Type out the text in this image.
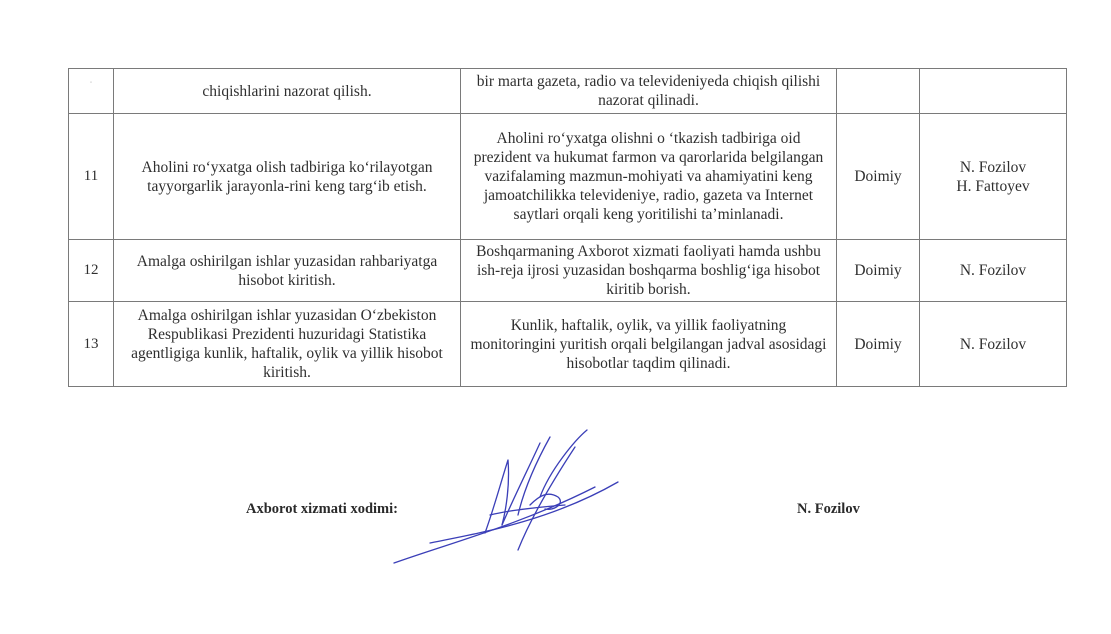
	chiqishlarini nazorat qilish.	bir marta gazeta, radio va televideniyeda chiqish qilishi nazorat qilinadi.		

11	Aholini ro‘yxatga olish tadbiriga ko‘rilayotgan tayyorgarlik jarayonla-rini keng targ‘ib etish.	Aholini ro‘yxatga olishni o ‘tkazish tadbiriga oid prezident va hukumat farmon va qarorlarida belgilangan vazifalaming mazmun-mohiyati va ahamiyatini keng jamoatchilikka televideniye, radio, gazeta va Internet saytlari orqali keng yoritilishi ta’minlanadi.	Doimiy	N. Fozilov
H. Fattoyev

12	Amalga oshirilgan ishlar yuzasidan rahbariyatga hisobot kiritish.	Boshqarmaning Axborot xizmati faoliyati hamda ushbu ish-reja ijrosi yuzasidan boshqarma boshlig‘iga hisobot kiritib borish.	Doimiy	N. Fozilov

13	Amalga oshirilgan ishlar yuzasidan O‘zbekiston Respublikasi Prezidenti huzuridagi Statistika agentligiga kunlik, haftalik, oylik va yillik hisobot kiritish.	Kunlik, haftalik, oylik, va yillik faoliyatning monitoringini yuritish orqali belgilangan jadval asosidagi hisobotlar taqdim qilinadi.	Doimiy	N. Fozilov
Axborot xizmati xodimi:	N. Fozilov
